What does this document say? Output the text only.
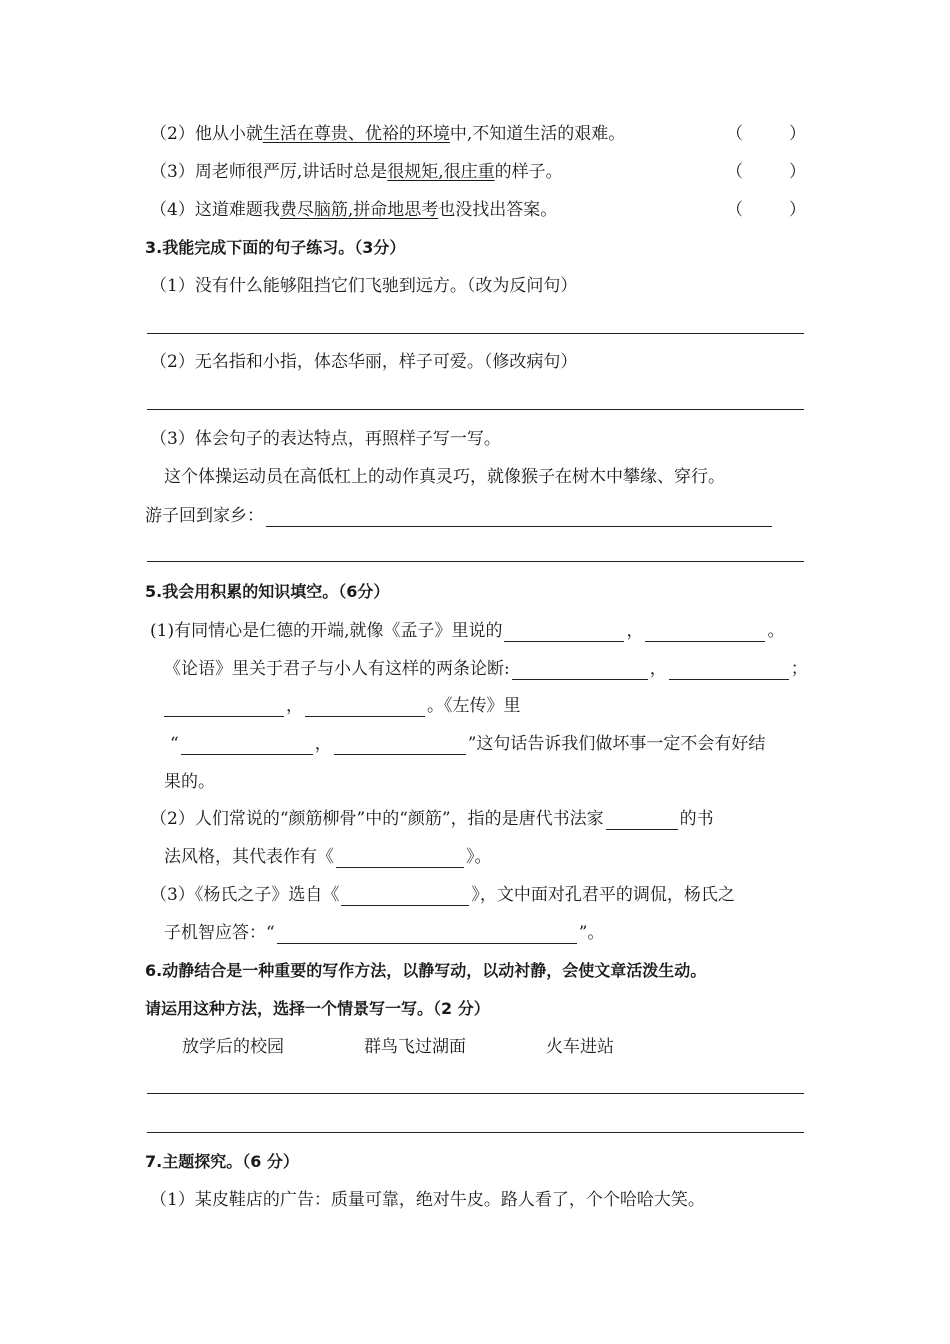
（2）他从小就生活在尊贵、优裕的环境中,不知道生活的艰难。	（	）
（3）周老师很严厉,讲话时总是很规矩,很庄重的样子。	（	）
（4）这道难题我费尽脑筋,拼命地思考也没找出答案。	（	）
3.我能完成下面的句子练习。（3分）
（1）没有什么能够阻挡它们飞驰到远方。（改为反问句）
（2）无名指和小指，体态华丽，样子可爱。（修改病句）
（3）体会句子的表达特点，再照样子写一写。
这个体操运动员在高低杠上的动作真灵巧，就像猴子在树木中攀缘、穿行。
游子回到家乡：
5.我会用积累的知识填空。（6分）
(1)有同情心是仁德的开端,就像《孟子》里说的	，	。
《论语》里关于君子与小人有这样的两条论断:	，	；
，	。《左传》里
“	，	”这句话告诉我们做坏事一定不会有好结
果的。
（2）人们常说的“颜筋柳骨”中的“颜筋”，指的是唐代书法家	的书
法风格，其代表作有《	》。
（3）《杨氏之子》选自《	》，文中面对孔君平的调侃，杨氏之
子机智应答：“	”。
6.动静结合是一种重要的写作方法，以静写动，以动衬静，会使文章活泼生动。
请运用这种方法，选择一个情景写一写。（2 分）
放学后的校园	群鸟飞过湖面	火车进站
7.主题探究。（6 分）
（1）某皮鞋店的广告：质量可靠，绝对牛皮。路人看了，个个哈哈大笑。
